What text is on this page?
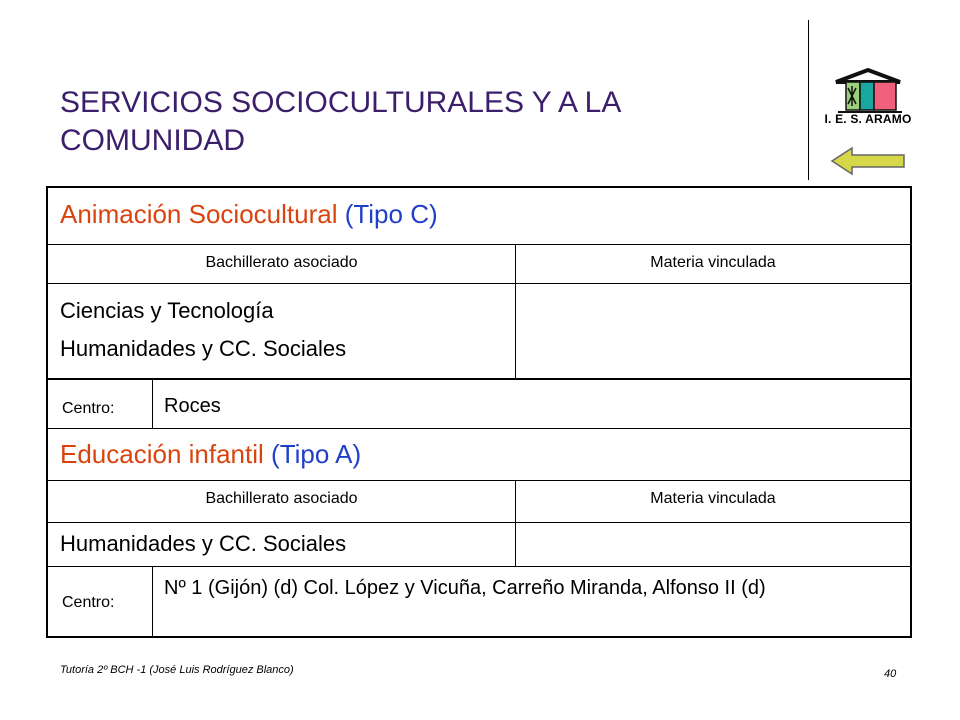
SERVICIOS SOCIOCULTURALES Y A LA
COMUNIDAD
I. E. S. ARAMO
Animación Sociocultural (Tipo C)
Bachillerato asociado	Materia vinculada
Ciencias y Tecnología
Humanidades y CC. Sociales
Centro: Roces
Educación infantil (Tipo A)
Bachillerato asociado	Materia vinculada
Humanidades y CC. Sociales
Centro:
Nº 1 (Gijón) (d) Col. López y Vicuña, Carreño Miranda, Alfonso II (d)
Tutoría 2º BCH -1 (José Luis Rodríguez Blanco)	40
